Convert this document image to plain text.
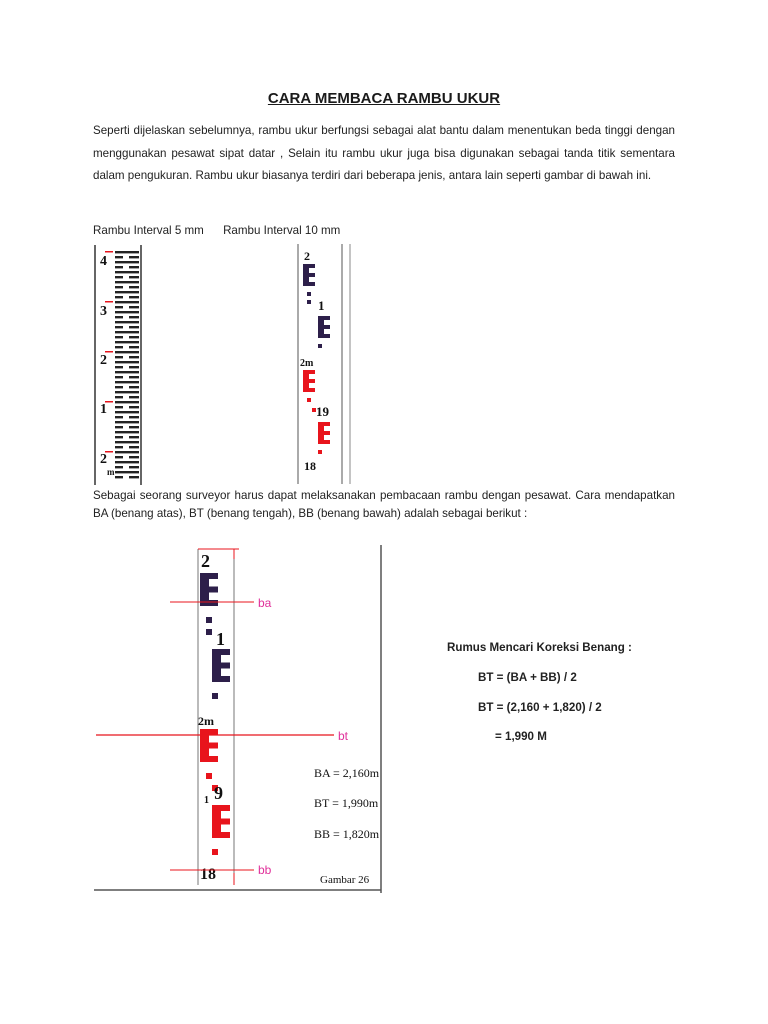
CARA MEMBACA RAMBU UKUR
Seperti dijelaskan sebelumnya, rambu ukur berfungsi sebagai alat bantu dalam menentukan beda tinggi dengan menggunakan pesawat sipat datar , Selain itu rambu ukur juga bisa digunakan sebagai tanda titik sementara dalam pengukuran. Rambu ukur biasanya terdiri dari beberapa jenis, antara lain seperti gambar di bawah ini.
Rambu Interval 5 mm Rambu Interval 10 mm
4
3
2
1
2
m
2
1
2m
19
18
Sebagai seorang surveyor harus dapat melaksanakan pembacaan rambu dengan pesawat. Cara mendapatkan BA (benang atas), BT (benang tengah), BB (benang bawah) adalah sebagai berikut :
2
1
2m
9
1
18
ba
bt
bb
BA = 2,160m
BT = 1,990m
BB = 1,820m
Gambar 26
Rumus Mencari Koreksi Benang :
BT = (BA + BB) / 2
BT = (2,160 + 1,820) / 2
= 1,990 M
